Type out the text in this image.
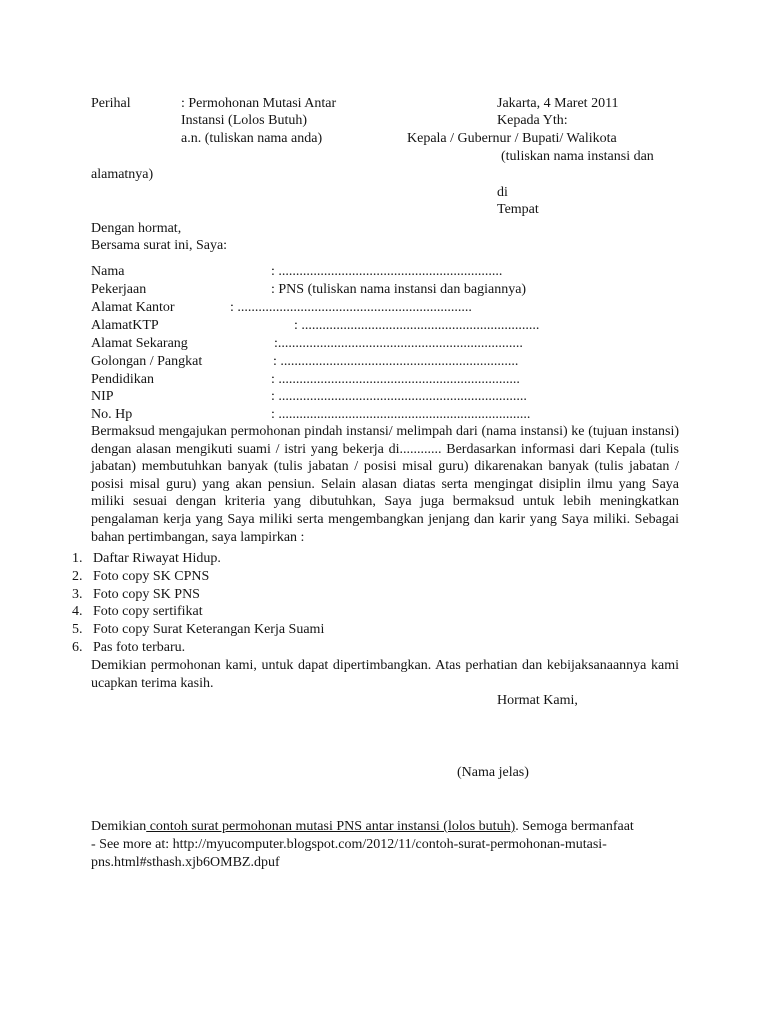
Perihal	: Permohonan Mutasi Antar
Instansi (Lolos Butuh)
a.n. (tuliskan nama anda)
Jakarta, 4 Maret 2011
Kepada Yth:
Kepala / Gubernur / Bupati/ Walikota
(tuliskan nama instansi dan
alamatnya)
di
Tempat
Dengan hormat,
Bersama surat ini, Saya:
Nama	: ................................................................
Pekerjaan	: PNS (tuliskan nama instansi dan bagiannya)
Alamat Kantor	: ...................................................................
AlamatKTP	: ....................................................................
Alamat Sekarang	:......................................................................
Golongan / Pangkat	: ....................................................................
Pendidikan	: .....................................................................
NIP	: .......................................................................
No. Hp	: ........................................................................
Bermaksud mengajukan permohonan pindah instansi/ melimpah dari (nama instansi) ke (tujuan instansi) dengan alasan mengikuti suami / istri yang bekerja di............ Berdasarkan informasi dari Kepala (tulis jabatan) membutuhkan banyak (tulis jabatan / posisi misal guru) dikarenakan banyak (tulis jabatan / posisi misal guru) yang akan pensiun. Selain alasan diatas serta mengingat disiplin ilmu yang Saya miliki sesuai dengan kriteria yang dibutuhkan, Saya juga bermaksud untuk lebih meningkatkan pengalaman kerja yang Saya miliki serta mengembangkan jenjang dan karir yang Saya miliki. Sebagai bahan pertimbangan, saya lampirkan :
1. Daftar Riwayat Hidup.
2. Foto copy SK CPNS
3. Foto copy SK PNS
4. Foto copy sertifikat
5. Foto copy Surat Keterangan Kerja Suami
6. Pas foto terbaru.
Demikian permohonan kami, untuk dapat dipertimbangkan. Atas perhatian dan kebijaksanaannya kami ucapkan terima kasih.
Hormat Kami,
(Nama jelas)
Demikian contoh surat permohonan mutasi PNS antar instansi (lolos butuh). Semoga bermanfaat
- See more at: http://myucomputer.blogspot.com/2012/11/contoh-surat-permohonan-mutasi-
pns.html#sthash.xjb6OMBZ.dpuf
